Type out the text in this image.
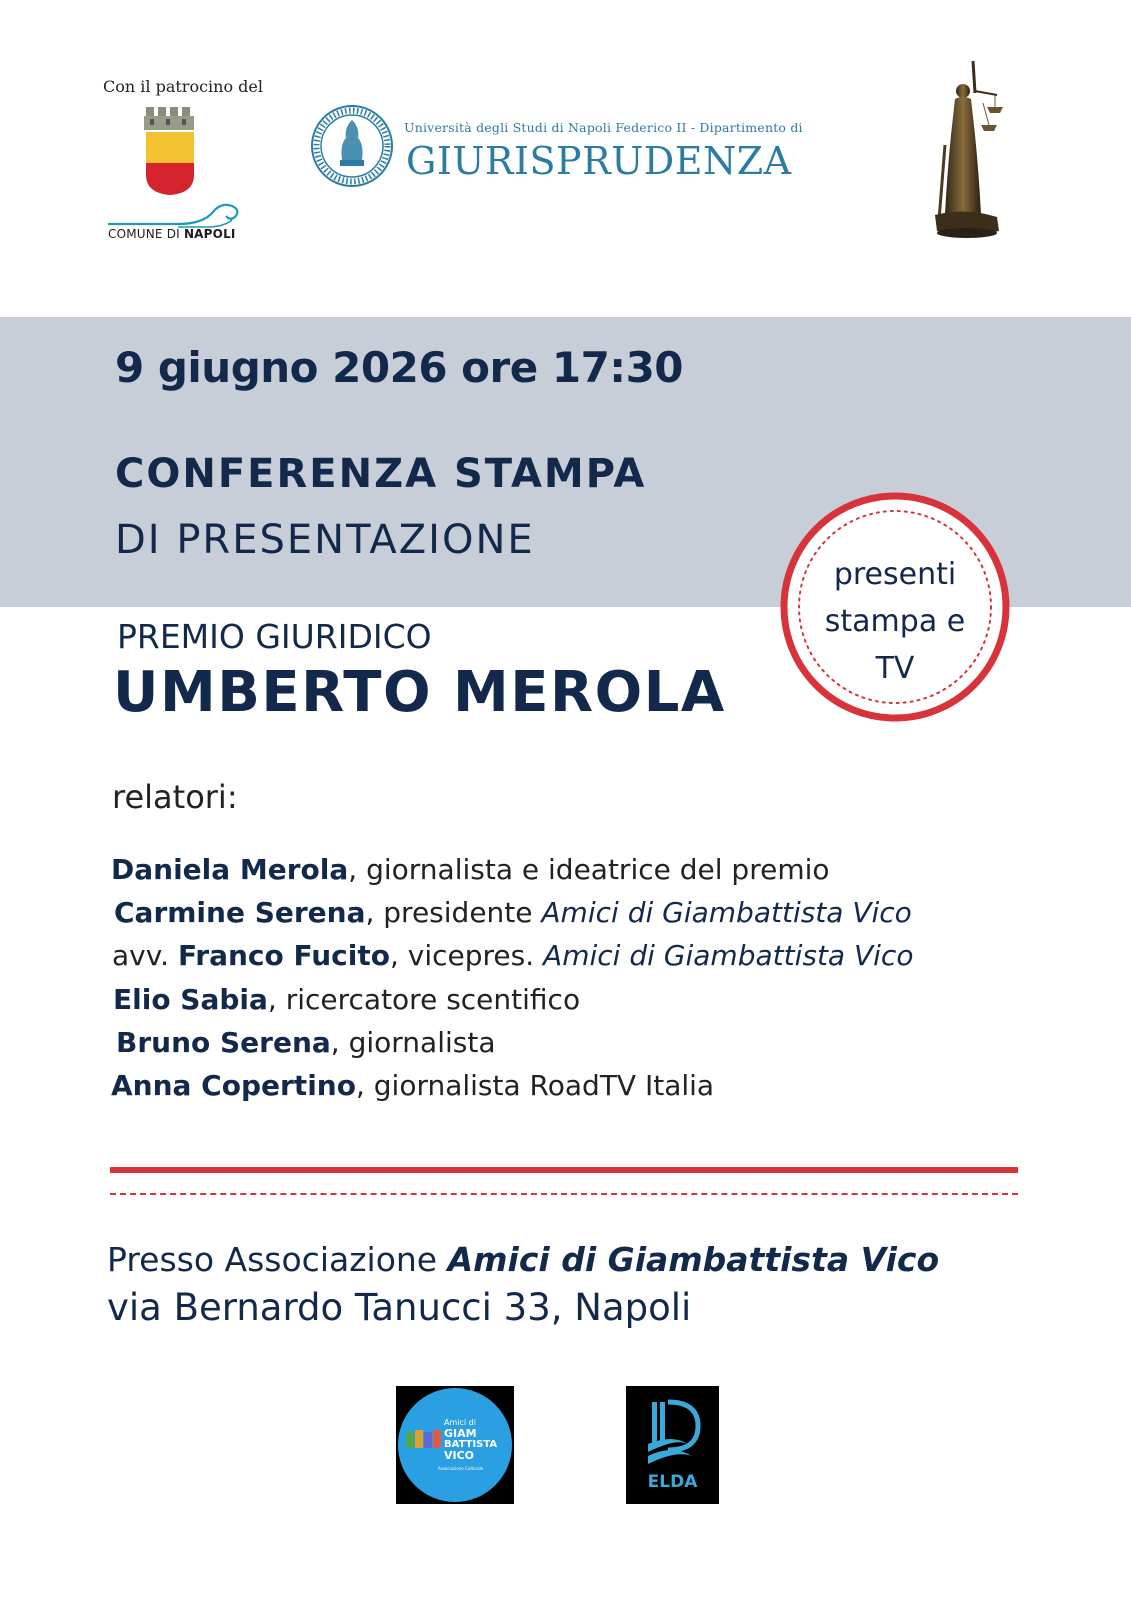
Con il patrocino del
COMUNE DI NAPOLI
Università degli Studi di Napoli Federico II - Dipartimento di
GIURISPRUDENZA
9 giugno 2026 ore 17:30
CONFERENZA STAMPA
DI PRESENTAZIONE
presenti
stampa e
TV
PREMIO GIURIDICO
UMBERTO MEROLA
relatori:
Daniela Merola, giornalista e ideatrice del premio
Carmine Serena, presidente Amici di Giambattista Vico
avv. Franco Fucito, vicepres. Amici di Giambattista Vico
Elio Sabia, ricercatore scentifico
Bruno Serena, giornalista
Anna Copertino, giornalista RoadTV Italia
Presso Associazione Amici di Giambattista Vico
via Bernardo Tanucci 33, Napoli
Amici di
GIAM
BATTISTA
VICO
Associazione Culturale
ELDA
